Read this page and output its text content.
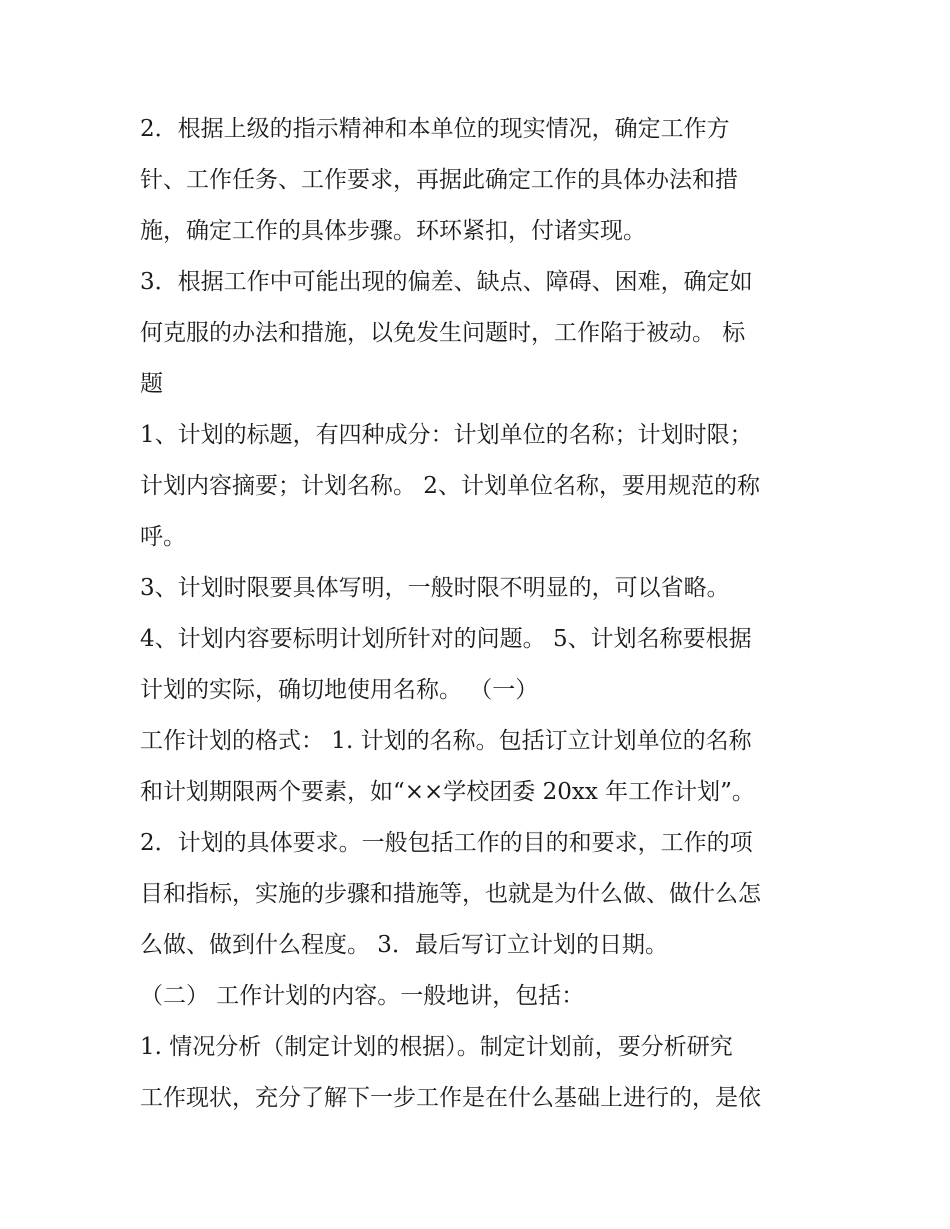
2．根据上级的指示精神和本单位的现实情况，确定工作方
针、工作任务、工作要求，再据此确定工作的具体办法和措
施，确定工作的具体步骤。环环紧扣，付诸实现。
3．根据工作中可能出现的偏差、缺点、障碍、困难，确定如
何克服的办法和措施，以免发生问题时，工作陷于被动。 标
题
1、计划的标题，有四种成分：计划单位的名称；计划时限；
计划内容摘要；计划名称。 2、计划单位名称，要用规范的称
呼。
3、计划时限要具体写明，一般时限不明显的，可以省略。
4、计划内容要标明计划所针对的问题。 5、计划名称要根据
计划的实际，确切地使用名称。 （一）
工作计划的格式： 1. 计划的名称。包括订立计划单位的名称
和计划期限两个要素，如“××学校团委 20xx 年工作计划”。
2．计划的具体要求。一般包括工作的目的和要求，工作的项
目和指标，实施的步骤和措施等，也就是为什么做、做什么怎
么做、做到什么程度。 3．最后写订立计划的日期。
（二） 工作计划的内容。一般地讲，包括：
1. 情况分析（制定计划的根据）。制定计划前，要分析研究
工作现状，充分了解下一步工作是在什么基础上进行的，是依
